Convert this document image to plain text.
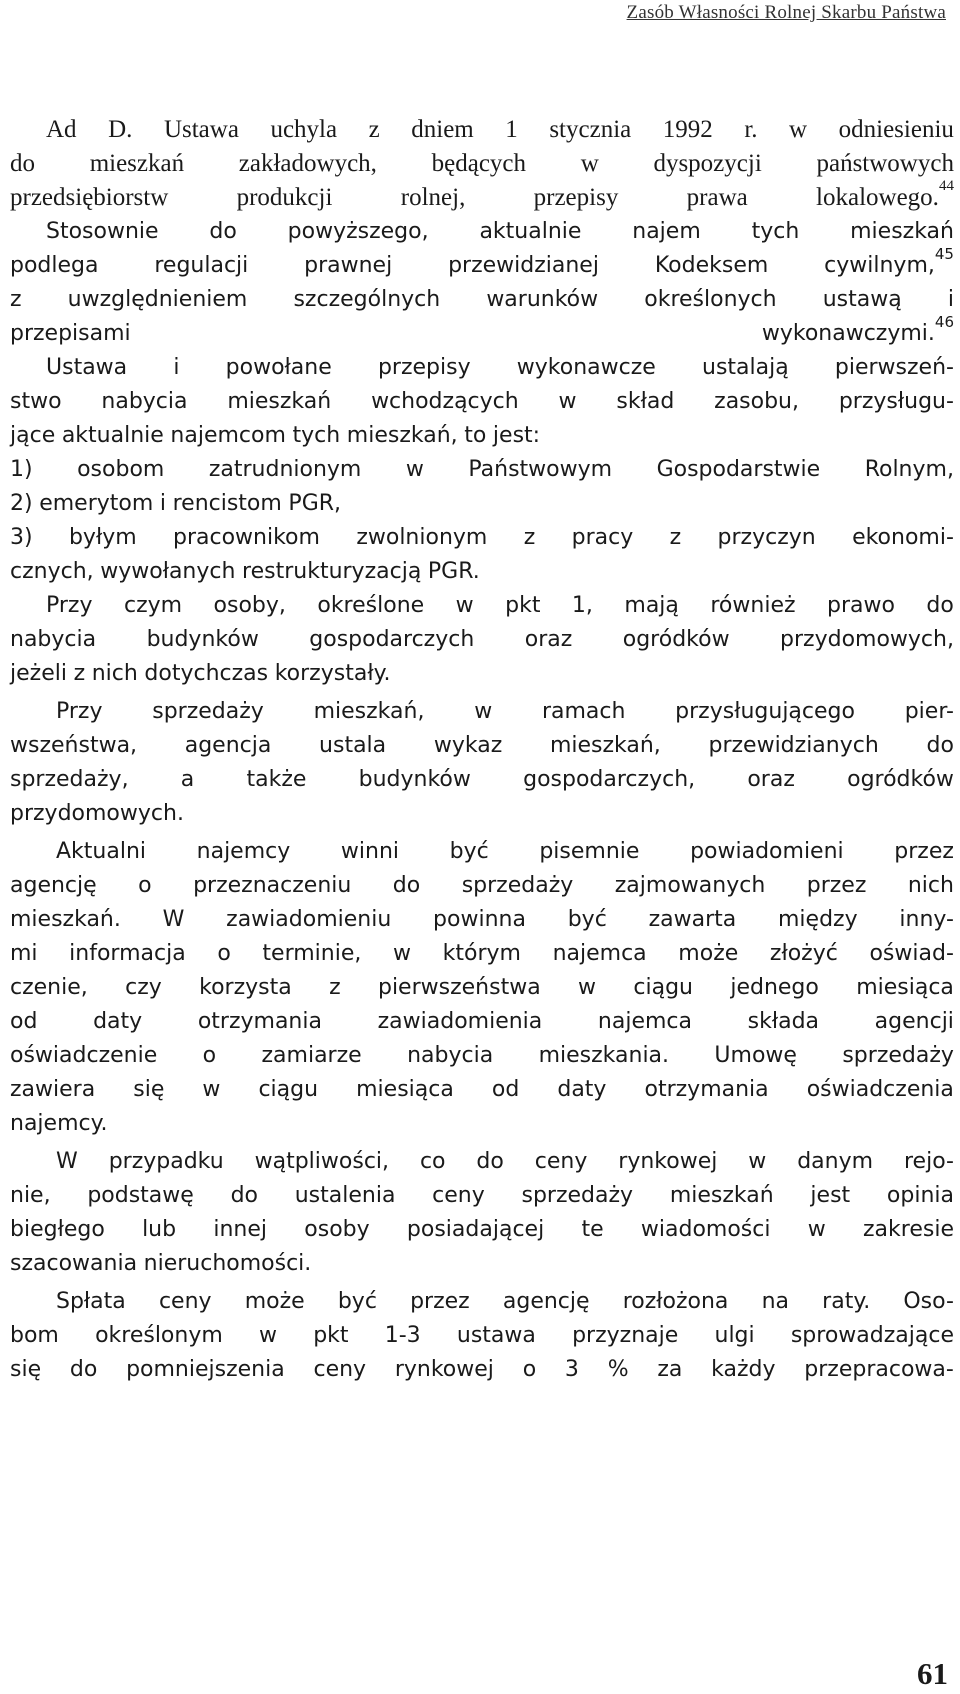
Zasób Własności Rolnej Skarbu Państwa

Ad D. Ustawa uchyla z dniem 1 stycznia 1992 r. w odniesieniu
do mieszkań zakładowych, będących w dyspozycji państwowych
przedsiębiorstw	produkcji	rolnej,	przepisy	prawa	lokalowego.$^{44}$
Stosownie do powyższego, aktualnie najem tych mieszkań
podlega	regulacji	prawnej	przewidzianej	Kodeksem	cywilnym,$^{45}$
z uwzględnieniem szczególnych warunków określonych ustawą i
przepisami	wykonawczymi.$^{46}$
Ustawa i powołane przepisy wykonawcze ustalają pierwszeń-
stwo nabycia mieszkań wchodzących w skład zasobu, przysługu-
jące aktualnie najemcom tych mieszkań, to jest:
1) osobom zatrudnionym w Państwowym Gospodarstwie Rolnym,
2) emerytom i rencistom PGR,
3) byłym pracownikom zwolnionym z pracy z przyczyn ekonomi-
cznych, wywołanych restrukturyzacją PGR.
Przy czym osoby, określone w pkt 1, mają również prawo do
nabycia budynków gospodarczych oraz ogródków przydomowych,
jeżeli z nich dotychczas korzystały.
Przy sprzedaży mieszkań, w ramach przysługującego pier-
wszeństwa, agencja ustala wykaz mieszkań, przewidzianych do
sprzedaży, a także budynków gospodarczych, oraz ogródków
przydomowych.
Aktualni najemcy winni być pisemnie powiadomieni przez
agencję o przeznaczeniu do sprzedaży zajmowanych przez nich
mieszkań. W zawiadomieniu powinna być zawarta między inny-
mi informacja o terminie, w którym najemca może złożyć oświad-
czenie, czy korzysta z pierwszeństwa w ciągu jednego miesiąca
od	daty	otrzymania	zawiadomienia	najemca	składa	agencji
oświadczenie o zamiarze nabycia mieszkania. Umowę sprzedaży
zawiera się w ciągu miesiąca od daty otrzymania oświadczenia
najemcy.
W przypadku wątpliwości, co do ceny rynkowej w danym rejo-
nie, podstawę do ustalenia ceny sprzedaży mieszkań jest opinia
biegłego lub innej osoby posiadającej te wiadomości w zakresie
szacowania nieruchomości.
Spłata ceny może być przez agencję rozłożona na raty. Oso-
bom określonym w pkt 1-3 ustawa przyznaje ulgi sprowadzające
się do pomniejszenia ceny rynkowej o 3 % za każdy przepracowa-

61
